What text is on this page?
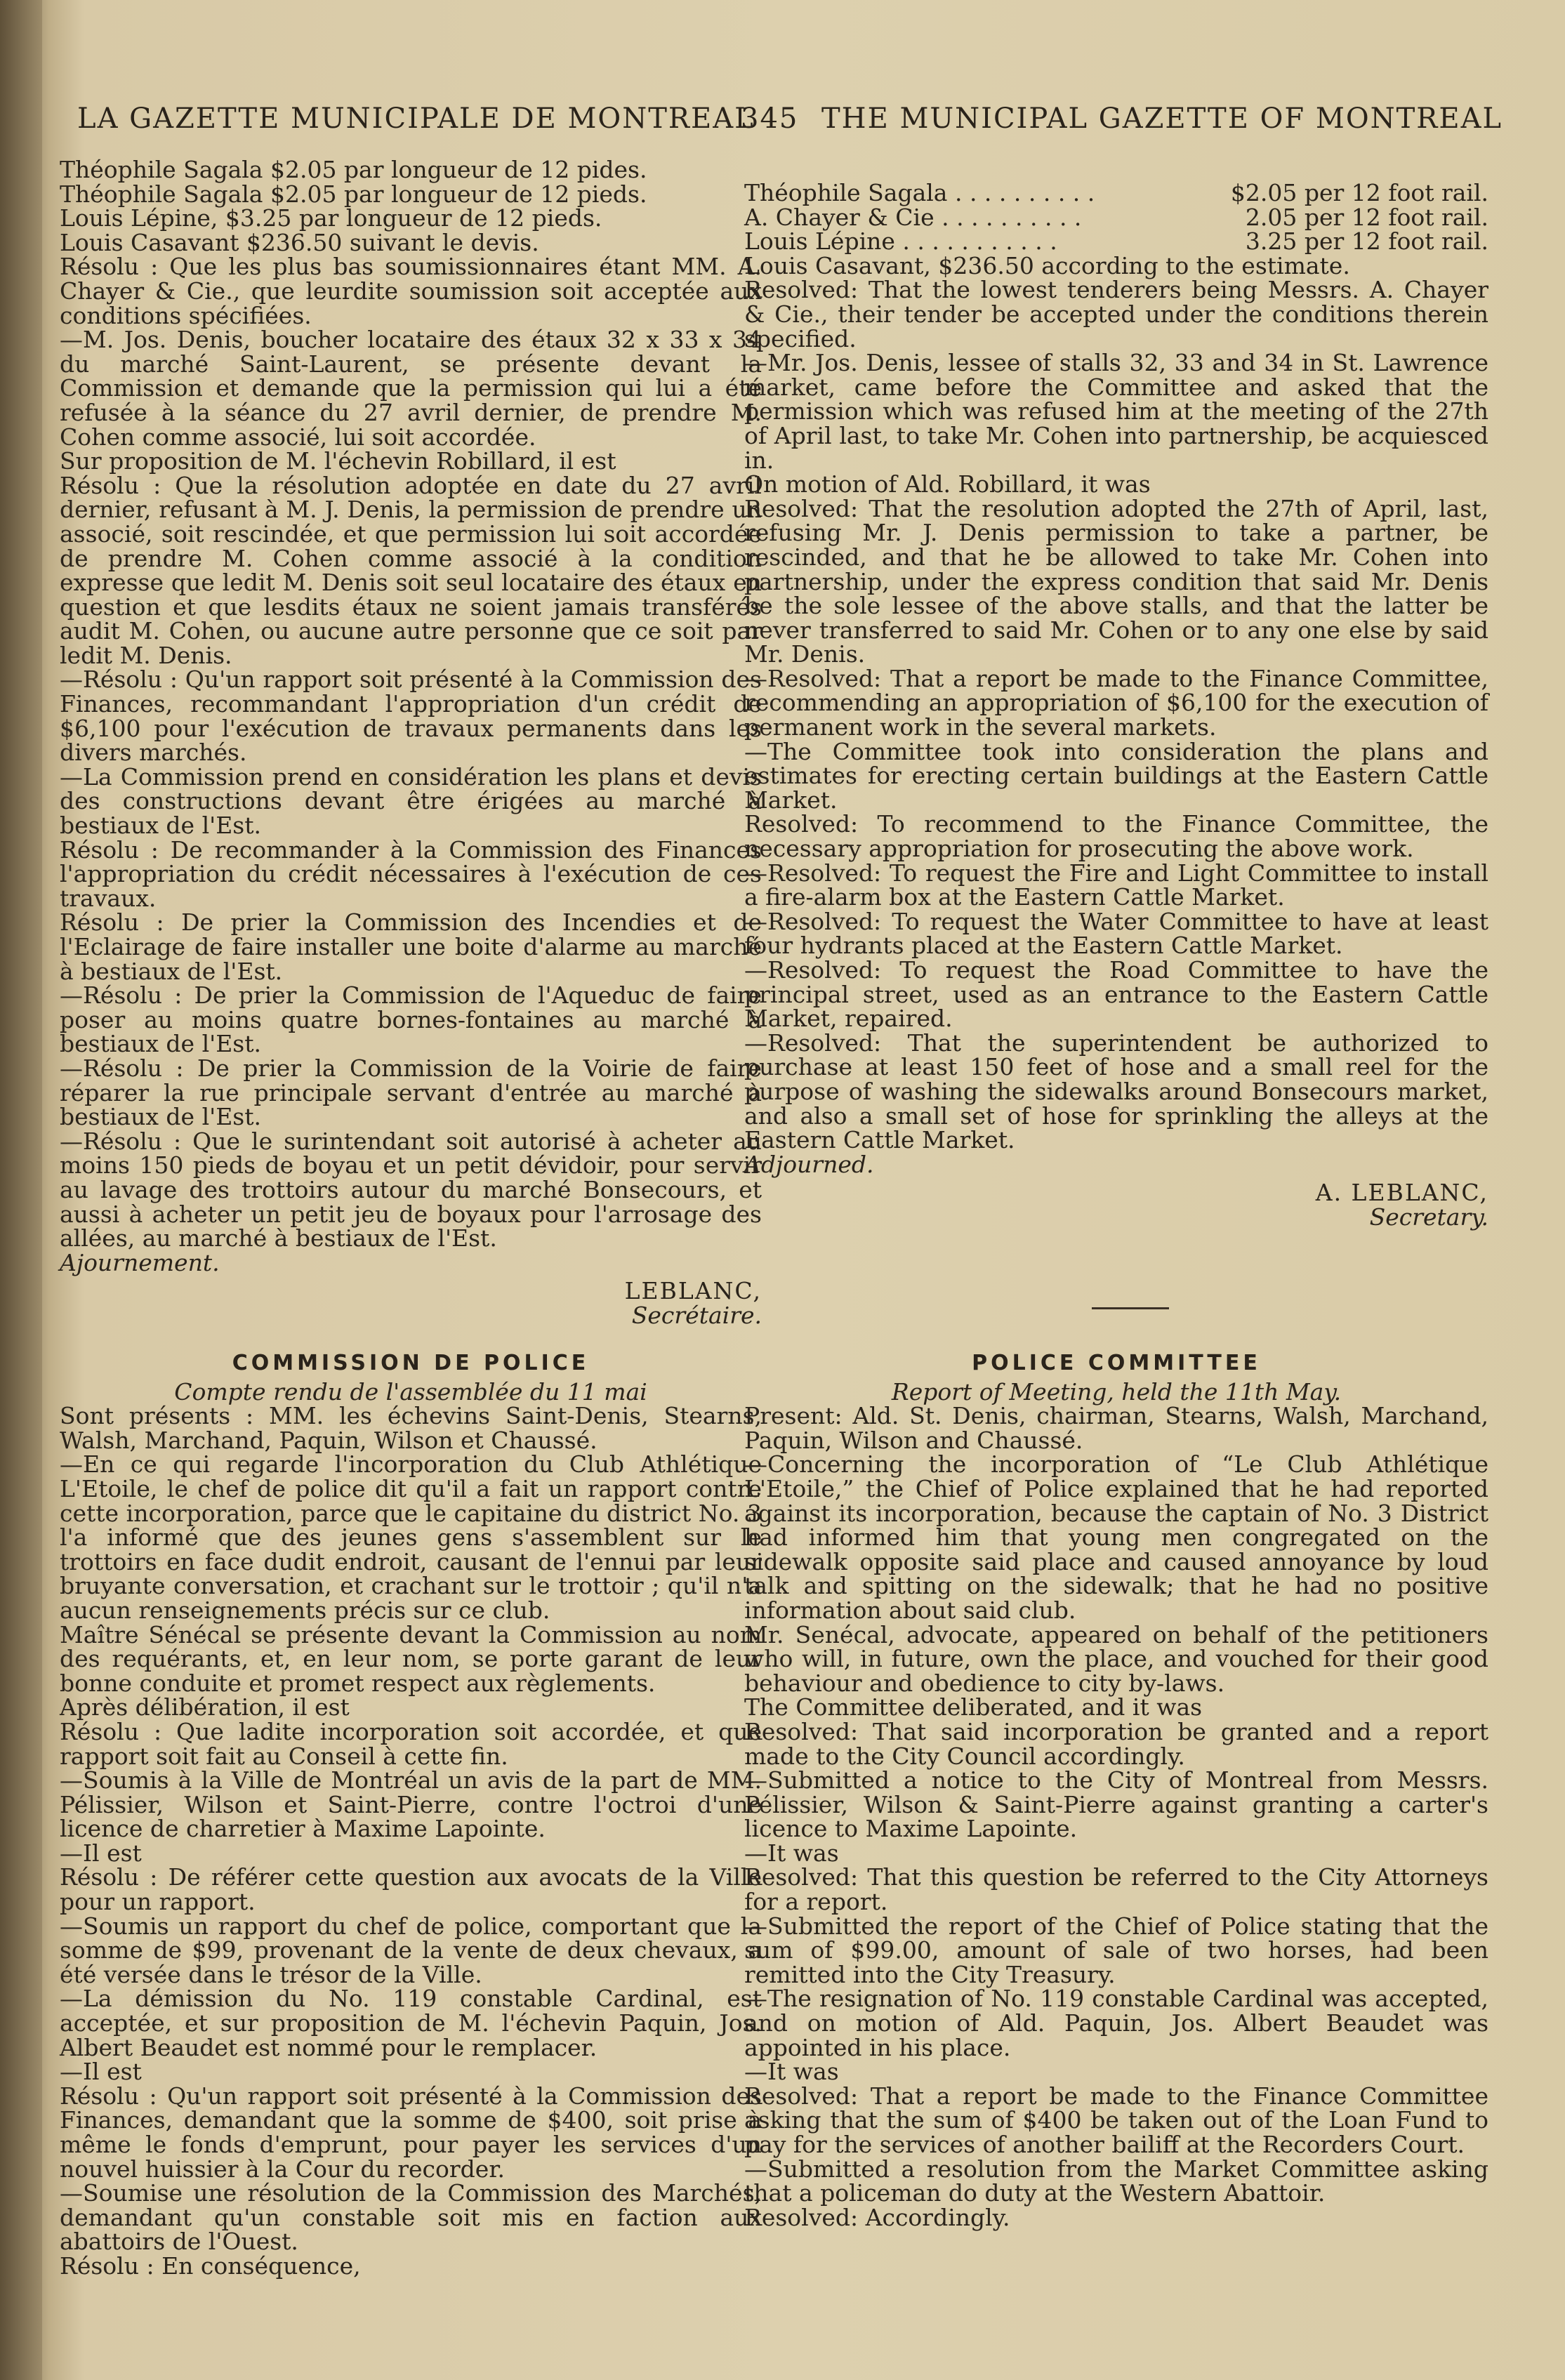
LA GAZETTE MUNICIPALE DE MONTREAL
345 THE MUNICIPAL GAZETTE OF MONTREAL

Théophile Sagala $2.05 par longueur de 12 pides.

Théophile Sagala $2.05 par longueur de 12 pieds.

Louis Lépine, $3.25 par longueur de 12 pieds.

Louis Casavant $236.50 suivant le devis.

Résolu : Que les plus bas soumissionnaires étant MM. A. Chayer & Cie., que leurdite soumission soit acceptée aux conditions spécifiées.

—M. Jos. Denis, boucher locataire des étaux 32 x 33 x 34 du marché Saint-Laurent, se présente devant la Commission et demande que la permission qui lui a été refusée à la séance du 27 avril dernier, de prendre M. Cohen comme associé, lui soit accordée.

Sur proposition de M. l'échevin Robillard, il est

Résolu : Que la résolution adoptée en date du 27 avril dernier, refusant à M. J. Denis, la permission de prendre un associé, soit rescindée, et que permission lui soit accordée de prendre M. Cohen comme associé à la condition expresse que ledit M. Denis soit seul locataire des étaux en question et que lesdits étaux ne soient jamais transférés audit M. Cohen, ou aucune autre personne que ce soit par ledit M. Denis.

—Résolu : Qu'un rapport soit présenté à la Commission des Finances, recommandant l'appropriation d'un crédit de $6,100 pour l'exécution de travaux permanents dans les divers marchés.

—La Commission prend en considération les plans et devis des constructions devant être érigées au marché à bestiaux de l'Est.

Résolu : De recommander à la Commission des Finances l'appropriation du crédit nécessaires à l'exécution de ces travaux.

Résolu : De prier la Commission des Incendies et de l'Eclairage de faire installer une boite d'alarme au marché à bestiaux de l'Est.

—Résolu : De prier la Commission de l'Aqueduc de faire poser au moins quatre bornes-fontaines au marché à bestiaux de l'Est.

—Résolu : De prier la Commission de la Voirie de faire réparer la rue principale servant d'entrée au marché à bestiaux de l'Est.

—Résolu : Que le surintendant soit autorisé à acheter au moins 150 pieds de boyau et un petit dévidoir, pour servir au lavage des trottoirs autour du marché Bonsecours, et aussi à acheter un petit jeu de boyaux pour l'arrosage des allées, au marché à bestiaux de l'Est.

Ajournement.

LEBLANC,

Secrétaire.

Théophile Sagala . . . . . . . . . .	$2.05 per 12 foot rail.
A. Chayer & Cie . . . . . . . . . .	2.05 per 12 foot rail.
Louis Lépine . . . . . . . . . . .	3.25 per 12 foot rail.

Louis Casavant, $236.50 according to the estimate.

Resolved: That the lowest tenderers being Messrs. A. Chayer & Cie., their tender be accepted under the conditions therein specified.

—Mr. Jos. Denis, lessee of stalls 32, 33 and 34 in St. Lawrence market, came before the Committee and asked that the permission which was refused him at the meeting of the 27th of April last, to take Mr. Cohen into partnership, be acquiesced in.

On motion of Ald. Robillard, it was

Resolved: That the resolution adopted the 27th of April, last, refusing Mr. J. Denis permission to take a partner, be rescinded, and that he be allowed to take Mr. Cohen into partnership, under the express condition that said Mr. Denis be the sole lessee of the above stalls, and that the latter be never transferred to said Mr. Cohen or to any one else by said Mr. Denis.

—Resolved: That a report be made to the Finance Committee, recommending an appropriation of $6,100 for the execution of permanent work in the several markets.

—The Committee took into consideration the plans and estimates for erecting certain buildings at the Eastern Cattle Market.

Resolved: To recommend to the Finance Committee, the necessary appropriation for prosecuting the above work.

—Resolved: To request the Fire and Light Committee to install a fire-alarm box at the Eastern Cattle Market.

—Resolved: To request the Water Committee to have at least four hydrants placed at the Eastern Cattle Market.

—Resolved: To request the Road Committee to have the principal street, used as an entrance to the Eastern Cattle Market, repaired.

—Resolved: That the superintendent be authorized to purchase at least 150 feet of hose and a small reel for the purpose of washing the sidewalks around Bonsecours market, and also a small set of hose for sprinkling the alleys at the Eastern Cattle Market.

Adjourned.

A. LEBLANC,

Secretary.

COMMISSION DE POLICE

Compte rendu de l'assemblée du 11 mai

Sont présents : MM. les échevins Saint-Denis, Stearns, Walsh, Marchand, Paquin, Wilson et Chaussé.

—En ce qui regarde l'incorporation du Club Athlétique L'Etoile, le chef de police dit qu'il a fait un rapport contre cette incorporation, parce que le capitaine du district No. 3 l'a informé que des jeunes gens s'assemblent sur le trottoirs en face dudit endroit, causant de l'ennui par leur bruyante conversation, et crachant sur le trottoir ; qu'il n'a aucun renseignements précis sur ce club.

Maître Sénécal se présente devant la Commission au nom des requérants, et, en leur nom, se porte garant de leur bonne conduite et promet respect aux règlements.

Après délibération, il est

Résolu : Que ladite incorporation soit accordée, et que rapport soit fait au Conseil à cette fin.

—Soumis à la Ville de Montréal un avis de la part de MM. Pélissier, Wilson et Saint-Pierre, contre l'octroi d'une licence de charretier à Maxime Lapointe.

—Il est

Résolu : De référer cette question aux avocats de la Ville pour un rapport.

—Soumis un rapport du chef de police, comportant que la somme de $99, provenant de la vente de deux chevaux, a été versée dans le trésor de la Ville.

—La démission du No. 119 constable Cardinal, est acceptée, et sur proposition de M. l'échevin Paquin, Jos. Albert Beaudet est nommé pour le remplacer.

—Il est

Résolu : Qu'un rapport soit présenté à la Commission des Finances, demandant que la somme de $400, soit prise à même le fonds d'emprunt, pour payer les services d'un nouvel huissier à la Cour du recorder.

—Soumise une résolution de la Commission des Marchés, demandant qu'un constable soit mis en faction aux abattoirs de l'Ouest.

Résolu : En conséquence,

POLICE COMMITTEE

Report of Meeting, held the 11th May.

Present: Ald. St. Denis, chairman, Stearns, Walsh, Marchand, Paquin, Wilson and Chaussé.

—Concerning the incorporation of “Le Club Athlétique L'Etoile,” the Chief of Police explained that he had reported against its incorporation, because the captain of No. 3 District had informed him that young men congregated on the sidewalk opposite said place and caused annoyance by loud talk and spitting on the sidewalk; that he had no positive information about said club.

Mr. Senécal, advocate, appeared on behalf of the petitioners who will, in future, own the place, and vouched for their good behaviour and obedience to city by-laws.

The Committee deliberated, and it was

Resolved: That said incorporation be granted and a report made to the City Council accordingly.

—Submitted a notice to the City of Montreal from Messrs. Pélissier, Wilson & Saint-Pierre against granting a carter's licence to Maxime Lapointe.

—It was

Resolved: That this question be referred to the City Attorneys for a report.

—Submitted the report of the Chief of Police stating that the sum of $99.00, amount of sale of two horses, had been remitted into the City Treasury.

—The resignation of No. 119 constable Cardinal was accepted, and on motion of Ald. Paquin, Jos. Albert Beaudet was appointed in his place.

—It was

Resolved: That a report be made to the Finance Committee asking that the sum of $400 be taken out of the Loan Fund to pay for the services of another bailiff at the Recorders Court.

—Submitted a resolution from the Market Committee asking that a policeman do duty at the Western Abattoir.

Resolved: Accordingly.
